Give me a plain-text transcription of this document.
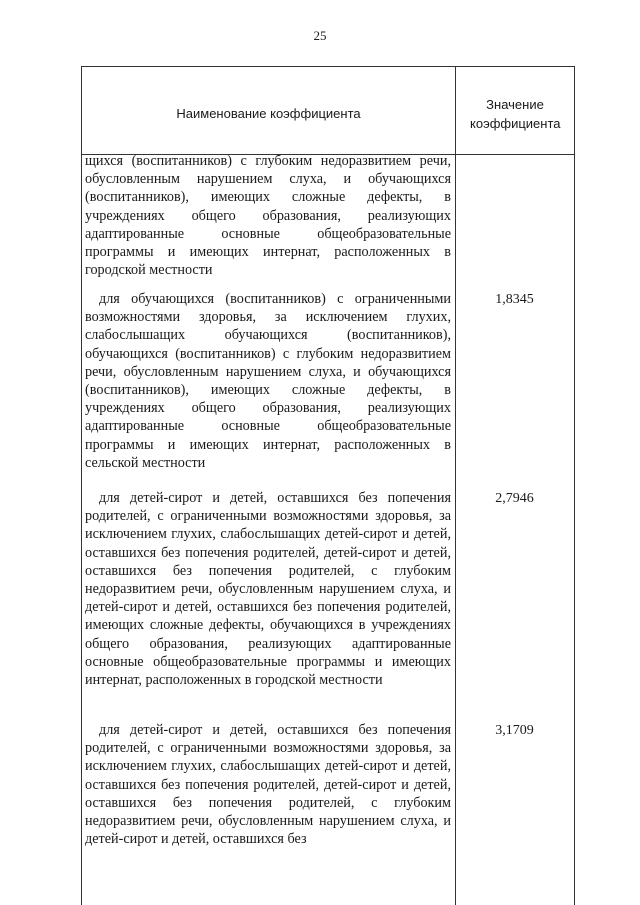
25
Наименование коэффициента
Значение коэффициента
щихся (воспитанников) с глубоким недоразвитием речи, обусловленным нарушением слуха, и обучающихся (воспитанников), имеющих сложные дефекты, в учреждениях общего образования, реализующих адаптированные основные общеобразовательные программы и имеющих интернат, расположенных в городской местности
для обучающихся (воспитанников) с ограниченными возможностями здоровья, за исключением глухих, слабослышащих обучающихся (воспитанников), обучающихся (воспитанников) с глубоким недоразвитием речи, обусловленным нарушением слуха, и обучающихся (воспитанников), имеющих сложные дефекты, в учреждениях общего образования, реализующих адаптированные основные общеобразовательные программы и имеющих интернат, расположенных в сельской местности
1,8345
для детей-сирот и детей, оставшихся без попечения родителей, с ограниченными возможностями здоровья, за исключением глухих, слабослышащих детей-сирот и детей, оставшихся без попечения родителей, детей-сирот и детей, оставшихся без попечения родителей, с глубоким недоразвитием речи, обусловленным нарушением слуха, и детей-сирот и детей, оставшихся без попечения родителей, имеющих сложные дефекты, обучающихся в учреждениях общего образования, реализующих адаптированные основные общеобразовательные программы и имеющих интернат, расположенных в городской местности
2,7946
для детей-сирот и детей, оставшихся без попечения родителей, с ограниченными возможностями здоровья, за исключением глухих, слабослышащих детей-сирот и детей, оставшихся без попечения родителей, детей-сирот и детей, оставшихся без попечения родителей, с глубоким недоразвитием речи, обусловленным нарушением слуха, и детей-сирот и детей, оставшихся без
3,1709
